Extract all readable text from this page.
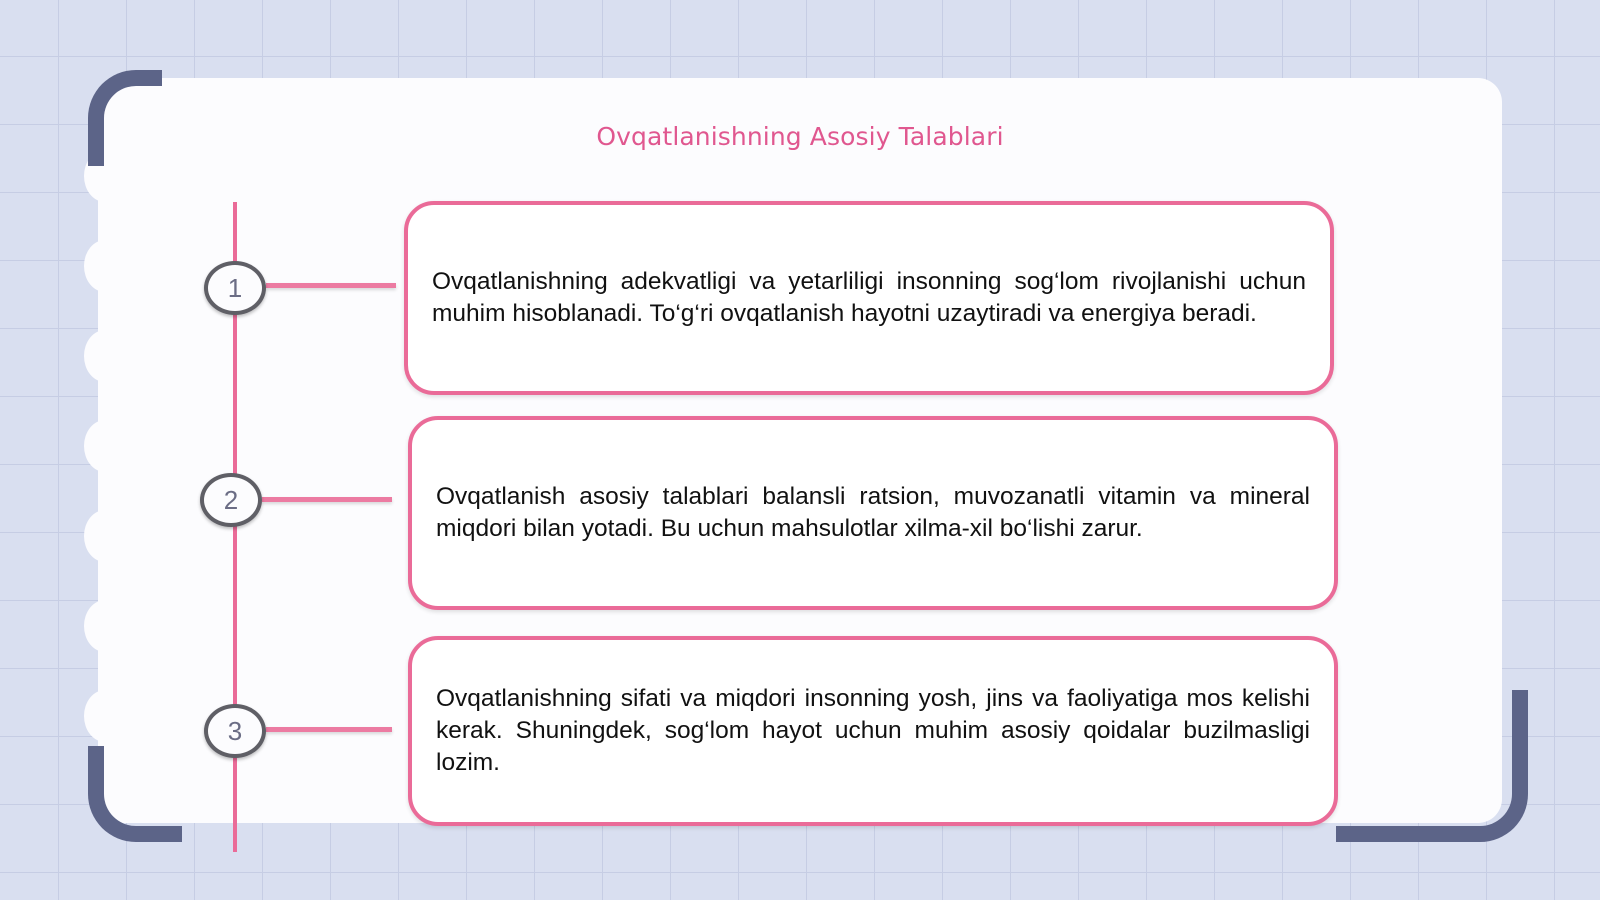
Ovqatlanishning Asosiy Talablari
1	Ovqatlanishning adekvatligi va yetarliligi insonning sog‘lom rivojlanishi uchun muhim hisoblanadi. To‘g‘ri ovqatlanish hayotni uzaytiradi va energiya beradi.

2	Ovqatlanish asosiy talablari balansli ratsion, muvozanatli vitamin va mineral miqdori bilan yotadi. Bu uchun mahsulotlar xilma-xil bo‘lishi zarur.

3

Ovqatlanishning sifati va miqdori insonning yosh, jins va faoliyatiga mos kelishi kerak. Shuningdek, sog‘lom hayot uchun muhim asosiy qoidalar buzilmasligi lozim.
